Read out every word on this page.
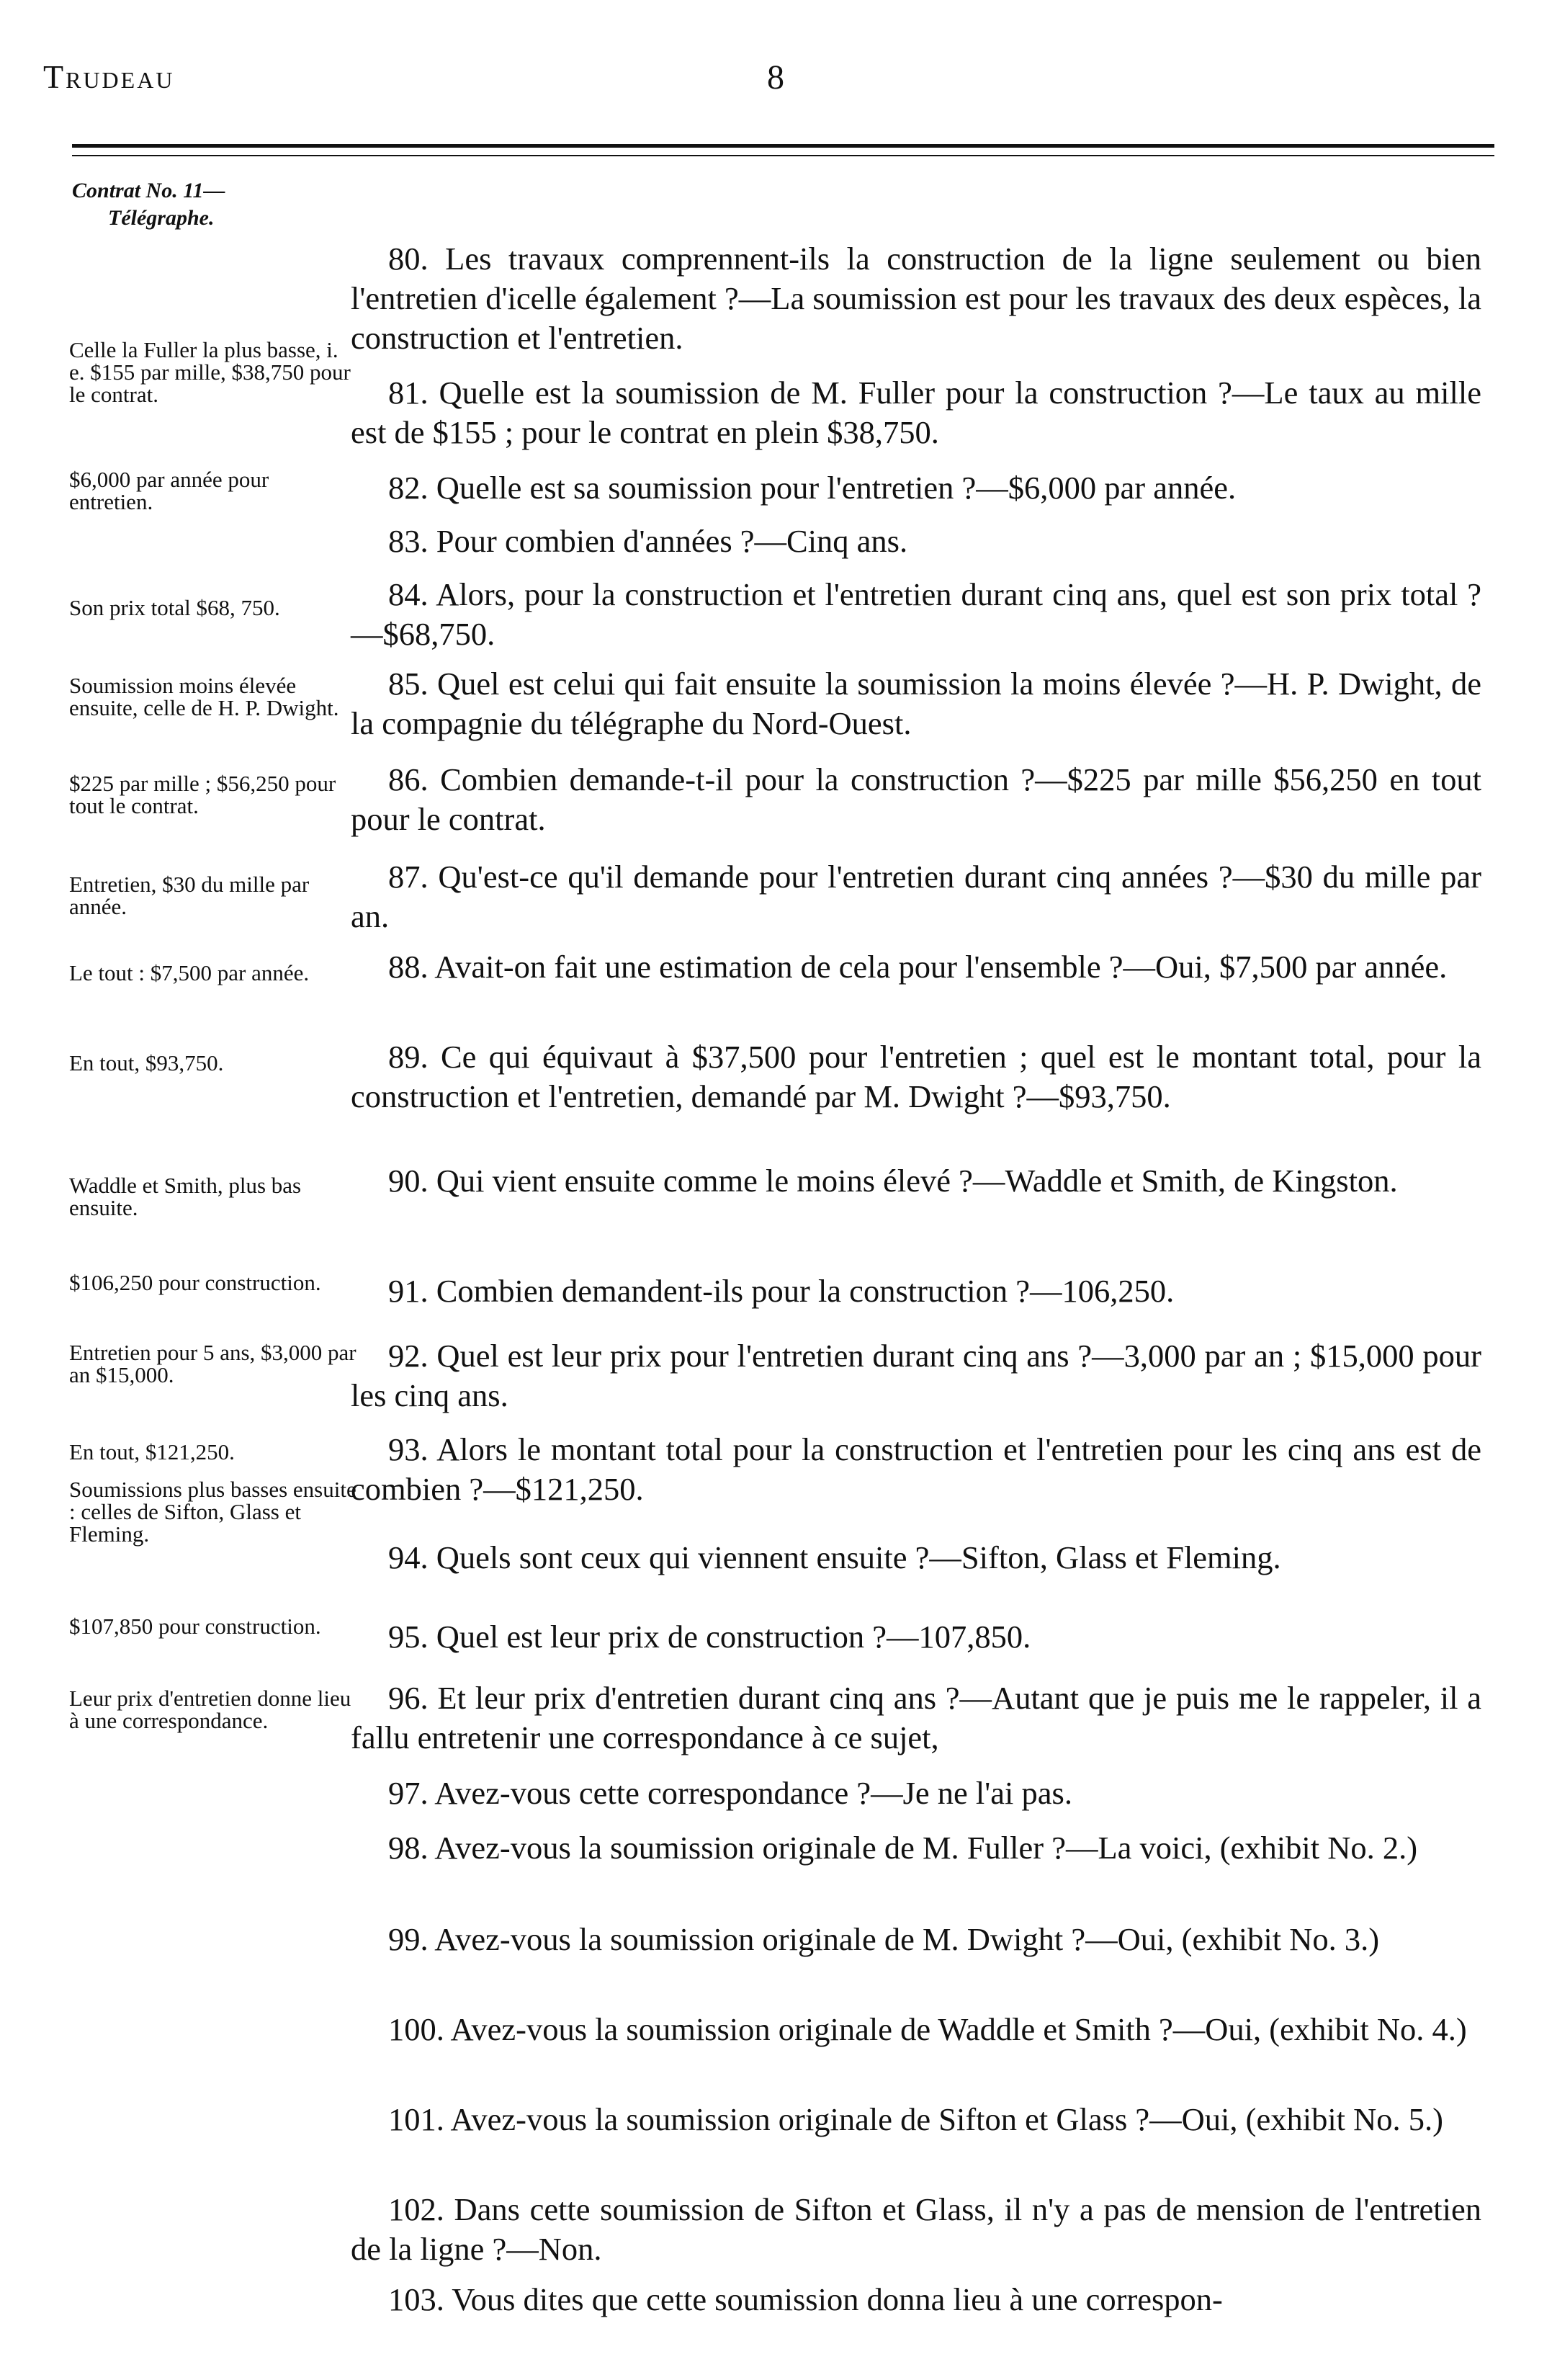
Trudeau	8
Contrat No. 11—
Télégraphe.
Celle la Fuller la plus basse, i. e. $155 par mille, $38,750 pour le contrat.
$6,000 par année pour entretien.
Son prix total $68, 750.
Soumission moins élevée ensuite, celle de H. P. Dwight.
$225 par mille ; $56,250 pour tout le contrat.
Entretien, $30 du mille par année.
Le tout : $7,500 par année.
En tout, $93,750.
Waddle et Smith, plus bas ensuite.
$106,250 pour construction.
Entretien pour 5 ans, $3,000 par an $15,000.
En tout, $121,250.
Soumissions plus basses ensuite : celles de Sifton, Glass et Fleming.
$107,850 pour construction.
Leur prix d'entretien donne lieu à une correspondance.
80. Les travaux comprennent-ils la construction de la ligne seulement ou bien l'entretien d'icelle également ?—La soumission est pour les travaux des deux espèces, la construction et l'entretien.
81. Quelle est la soumission de M. Fuller pour la construction ?—Le taux au mille est de $155 ; pour le contrat en plein $38,750.
82. Quelle est sa soumission pour l'entretien ?—$6,000 par année.
83. Pour combien d'années ?—Cinq ans.
84. Alors, pour la construction et l'entretien durant cinq ans, quel est son prix total ?—$68,750.
85. Quel est celui qui fait ensuite la soumission la moins élevée ?—H. P. Dwight, de la compagnie du télégraphe du Nord-Ouest.
86. Combien demande-t-il pour la construction ?—$225 par mille $56,250 en tout pour le contrat.
87. Qu'est-ce qu'il demande pour l'entretien durant cinq années ?—$30 du mille par an.
88. Avait-on fait une estimation de cela pour l'ensemble ?—Oui, $7,500 par année.
89. Ce qui équivaut à $37,500 pour l'entretien ; quel est le montant total, pour la construction et l'entretien, demandé par M. Dwight ?—$93,750.
90. Qui vient ensuite comme le moins élevé ?—Waddle et Smith, de Kingston.
91. Combien demandent-ils pour la construction ?—106,250.
92. Quel est leur prix pour l'entretien durant cinq ans ?—3,000 par an ; $15,000 pour les cinq ans.
93. Alors le montant total pour la construction et l'entretien pour les cinq ans est de combien ?—$121,250.
94. Quels sont ceux qui viennent ensuite ?—Sifton, Glass et Fleming.
95. Quel est leur prix de construction ?—107,850.
96. Et leur prix d'entretien durant cinq ans ?—Autant que je puis me le rappeler, il a fallu entretenir une correspondance à ce sujet,
97. Avez-vous cette correspondance ?—Je ne l'ai pas.
98. Avez-vous la soumission originale de M. Fuller ?—La voici, (exhibit No. 2.)
99. Avez-vous la soumission originale de M. Dwight ?—Oui, (exhibit No. 3.)
100. Avez-vous la soumission originale de Waddle et Smith ?—Oui, (exhibit No. 4.)
101. Avez-vous la soumission originale de Sifton et Glass ?—Oui, (exhibit No. 5.)
102. Dans cette soumission de Sifton et Glass, il n'y a pas de mension de l'entretien de la ligne ?—Non.
103. Vous dites que cette soumission donna lieu à une correspon-
